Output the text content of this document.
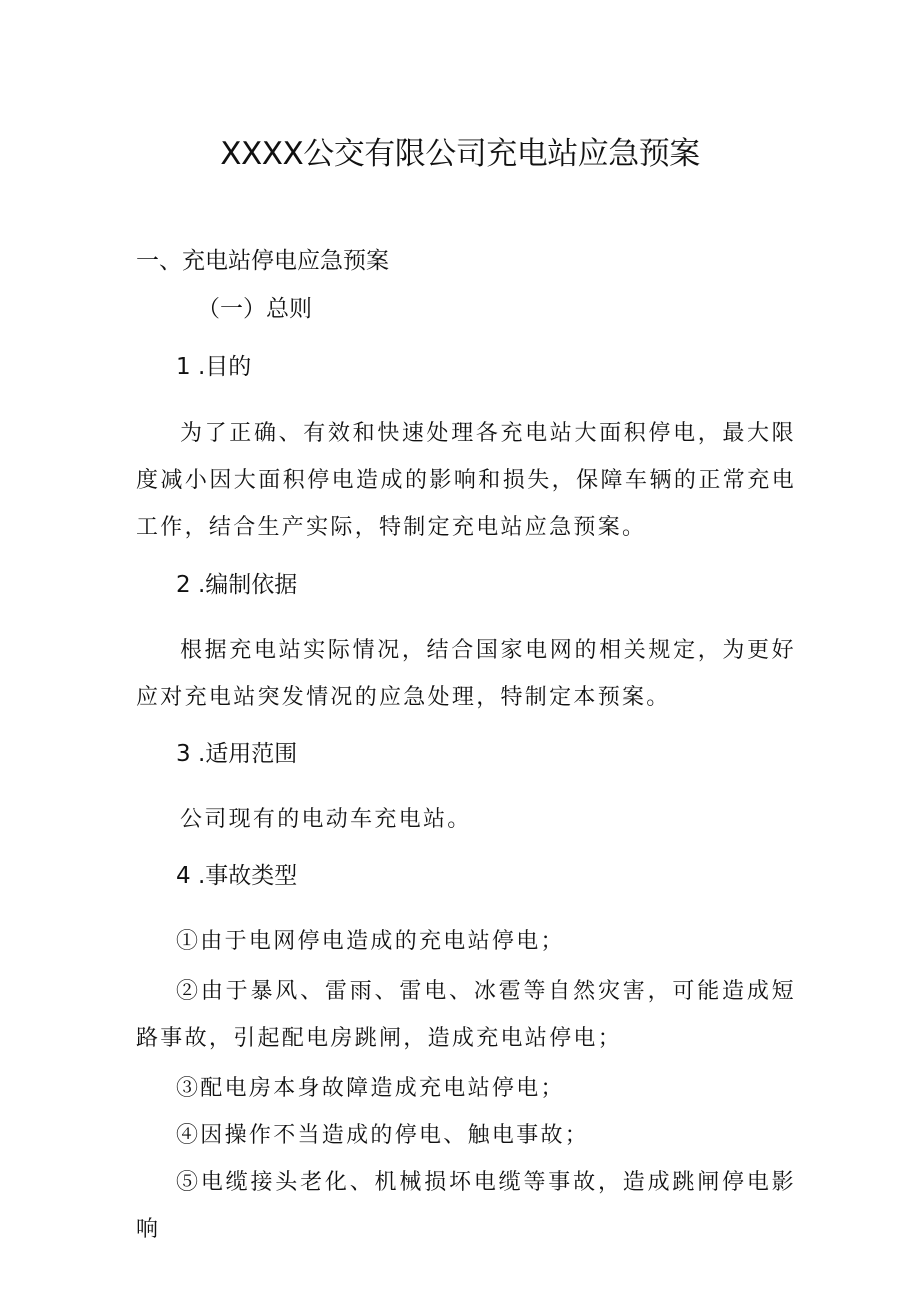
XXXX公交有限公司充电站应急预案
一、充电站停电应急预案
（一）总则
1 .目的

为了正确、有效和快速处理各充电站大面积停电，最大限度减小因大面积停电造成的影响和损失，保障车辆的正常充电工作，结合生产实际，特制定充电站应急预案。

2 .编制依据

根据充电站实际情况，结合国家电网的相关规定，为更好应对充电站突发情况的应急处理，特制定本预案。

3 .适用范围

公司现有的电动车充电站。

4 .事故类型

①由于电网停电造成的充电站停电；

②由于暴风、雷雨、雷电、冰雹等自然灾害，可能造成短路事故，引起配电房跳闸，造成充电站停电；

③配电房本身故障造成充电站停电；

④因操作不当造成的停电、触电事故；

⑤电缆接头老化、机械损坏电缆等事故，造成跳闸停电影响
